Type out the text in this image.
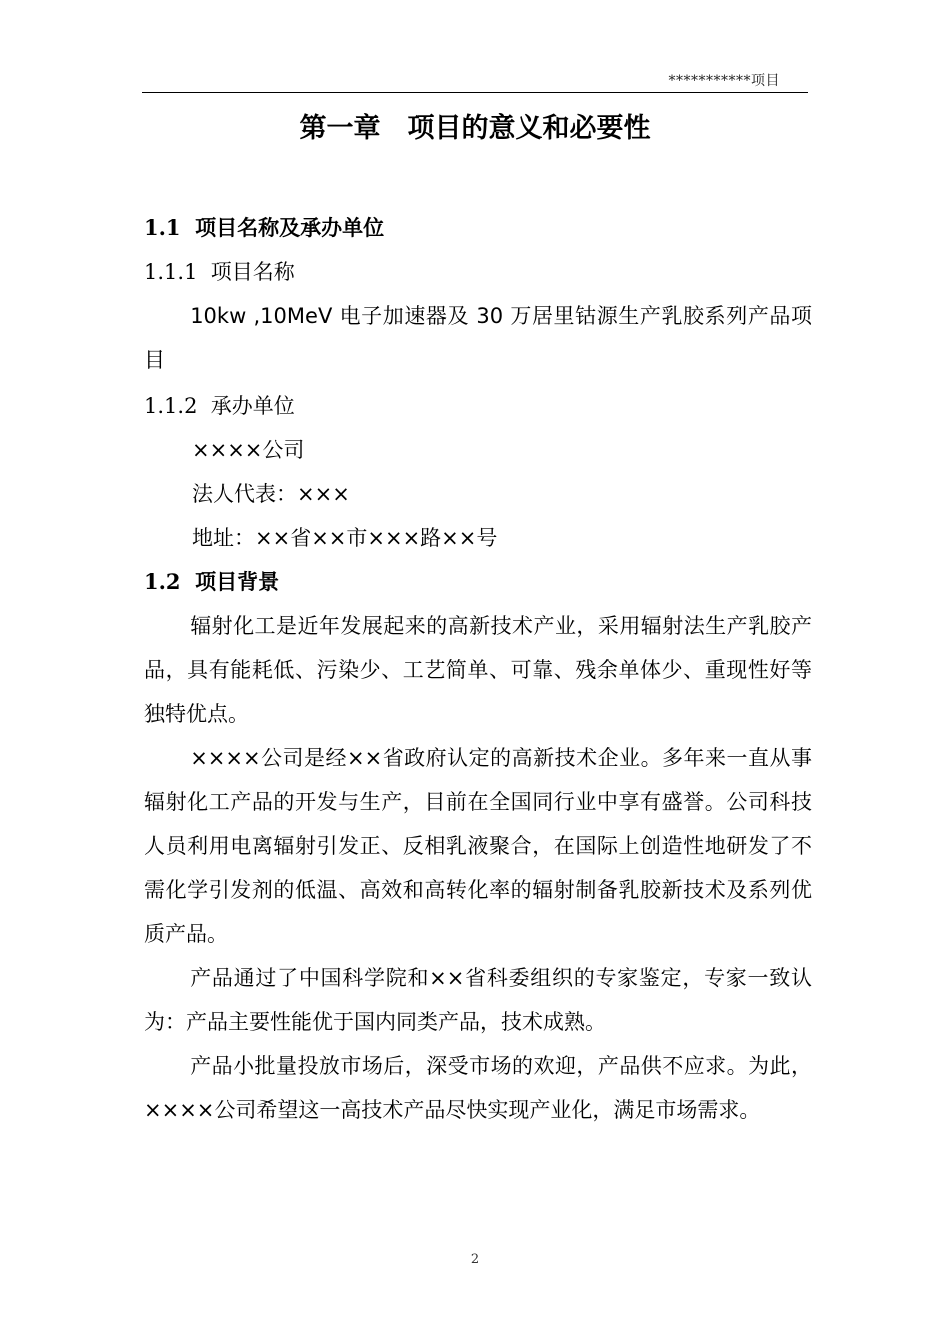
***********项目
第一章　项目的意义和必要性
1.1 项目名称及承办单位
1.1.1 项目名称

10kw ,10MeV 电子加速器及 30 万居里钴源生产乳胶系列产品项目

1.1.2 承办单位
××××公司
法人代表：×××
地址：××省××市×××路××号
1.2 项目背景

辐射化工是近年发展起来的高新技术产业，采用辐射法生产乳胶产品，具有能耗低、污染少、工艺简单、可靠、残余单体少、重现性好等独特优点。

××××公司是经××省政府认定的高新技术企业。多年来一直从事辐射化工产品的开发与生产，目前在全国同行业中享有盛誉。公司科技人员利用电离辐射引发正、反相乳液聚合，在国际上创造性地研发了不需化学引发剂的低温、高效和高转化率的辐射制备乳胶新技术及系列优质产品。

产品通过了中国科学院和××省科委组织的专家鉴定，专家一致认为：产品主要性能优于国内同类产品，技术成熟。

产品小批量投放市场后，深受市场的欢迎，产品供不应求。为此，××××公司希望这一高技术产品尽快实现产业化，满足市场需求。

2
